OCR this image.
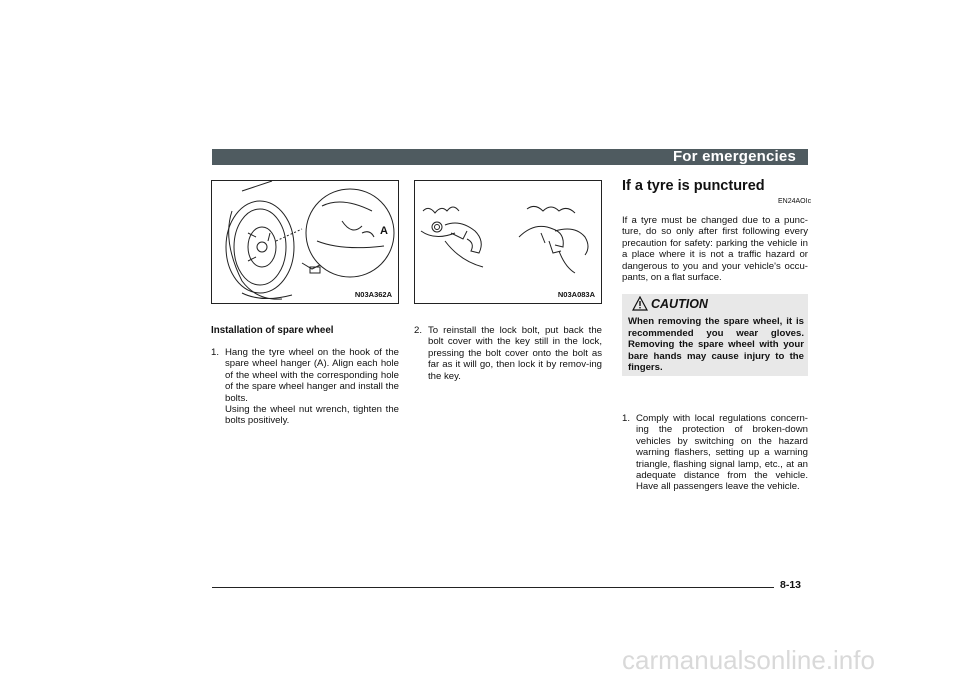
For emergencies
A
N03A362A	N03A083A
If a tyre is punctured
EN24AOIc
If a tyre must be changed due to a punc-ture, do so only after first following every precaution for safety: parking the vehicle in a place where it is not a traffic hazard or dangerous to you and your vehicle's occu-pants, on a flat surface.
CAUTION
When removing the spare wheel, it is recommended you wear gloves. Removing the spare wheel with your bare hands may cause injury to the fingers.
1. Comply with local regulations concern-ing the protection of broken-down vehicles by switching on the hazard warning flashers, setting up a warning triangle, flashing signal lamp, etc., at an adequate distance from the vehicle. Have all passengers leave the vehicle.
Installation of spare wheel
1. Hang the tyre wheel on the hook of the spare wheel hanger (A). Align each hole of the wheel with the corresponding hole of the spare wheel hanger and install the bolts.
Using the wheel nut wrench, tighten the bolts positively.
2. To reinstall the lock bolt, put back the bolt cover with the key still in the lock, pressing the bolt cover onto the bolt as far as it will go, then lock it by remov-ing the key.
8-13
carmanualsonline.info
